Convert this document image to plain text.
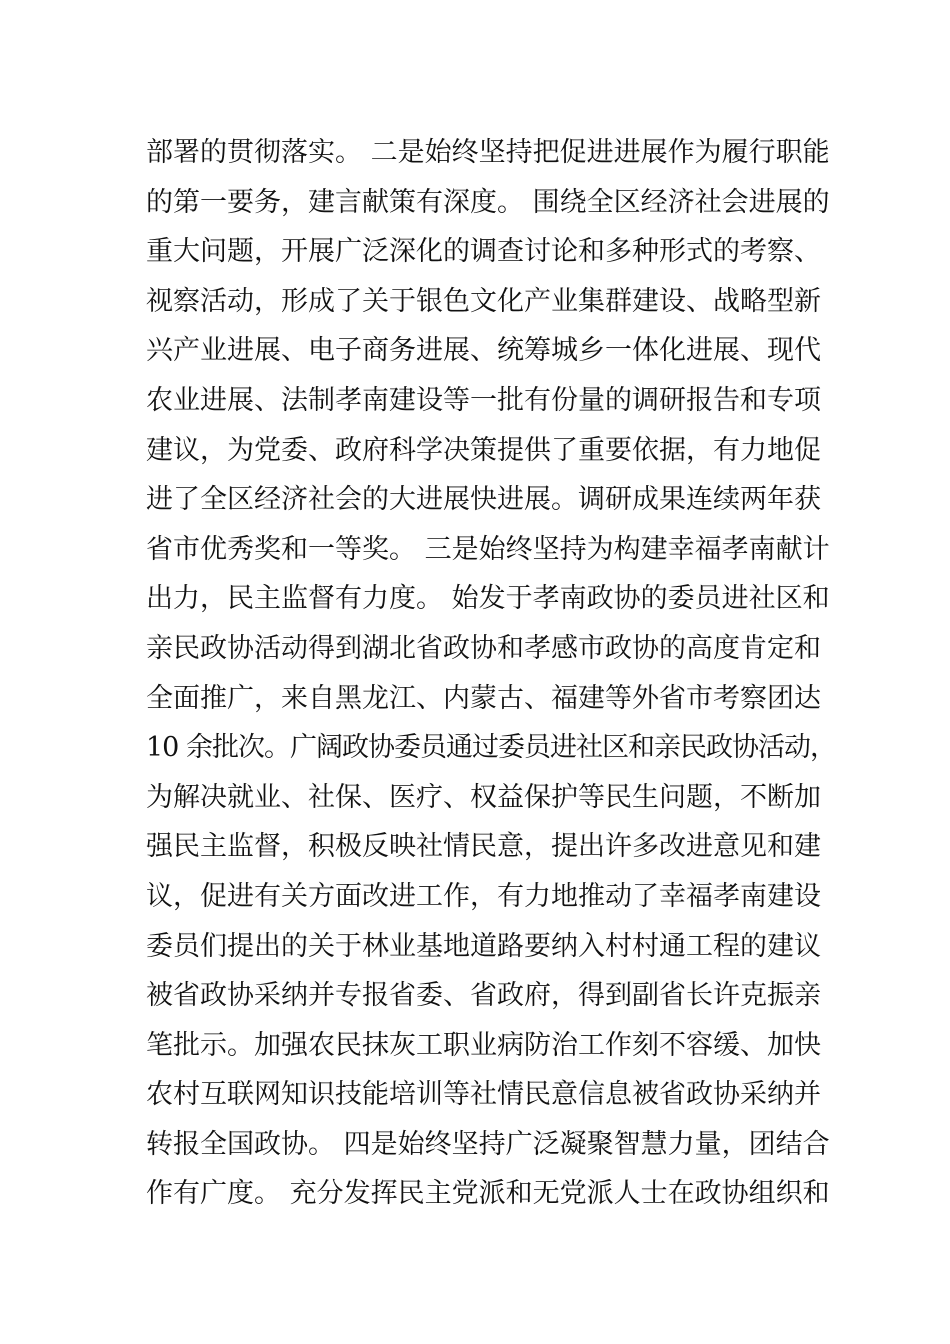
部署的贯彻落实。 二是始终坚持把促进进展作为履行职能
的第一要务，建言献策有深度。 围绕全区经济社会进展的
重大问题，开展广泛深化的调查讨论和多种形式的考察、
视察活动，形成了关于银色文化产业集群建设、战略型新
兴产业进展、电子商务进展、统筹城乡一体化进展、现代
农业进展、法制孝南建设等一批有份量的调研报告和专项
建议，为党委、政府科学决策提供了重要依据，有力地促
进了全区经济社会的大进展快进展。调研成果连续两年获
省市优秀奖和一等奖。 三是始终坚持为构建幸福孝南献计
出力，民主监督有力度。 始发于孝南政协的委员进社区和
亲民政协活动得到湖北省政协和孝感市政协的高度肯定和
全面推广，来自黑龙江、内蒙古、福建等外省市考察团达
10 余批次。广阔政协委员通过委员进社区和亲民政协活动，
为解决就业、社保、医疗、权益保护等民生问题，不断加
强民主监督，积极反映社情民意，提出许多改进意见和建
议，促进有关方面改进工作，有力地推动了幸福孝南建设
委员们提出的关于林业基地道路要纳入村村通工程的建议
被省政协采纳并专报省委、省政府，得到副省长许克振亲
笔批示。加强农民抹灰工职业病防治工作刻不容缓、加快
农村互联网知识技能培训等社情民意信息被省政协采纳并
转报全国政协。 四是始终坚持广泛凝聚智慧力量，团结合
作有广度。 充分发挥民主党派和无党派人士在政协组织和
